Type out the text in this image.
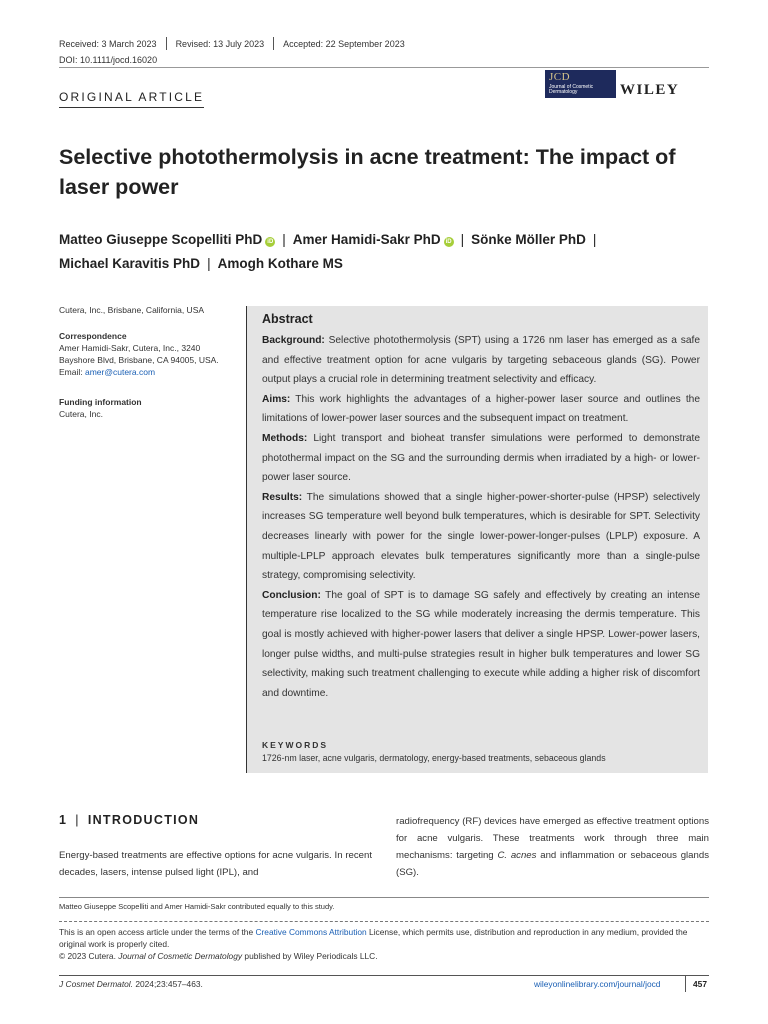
Received: 3 March 2023 Revised: 13 July 2023 Accepted: 22 September 2023
DOI: 10.1111/jocd.16020
ORIGINAL ARTICLE
JCD
Journal of Cosmetic Dermatology	WILEY
Selective photothermolysis in acne treatment: The impact of laser power
Matteo Giuseppe Scopelliti PhD iD | Amer Hamidi-Sakr PhD iD | Sönke Möller PhD |
Michael Karavitis PhD | Amogh Kothare MS
Cutera, Inc., Brisbane, California, USA
Correspondence
Amer Hamidi-Sakr, Cutera, Inc., 3240
Bayshore Blvd, Brisbane, CA 94005, USA.
Email: amer@cutera.com
Funding information
Cutera, Inc.
Abstract
Background: Selective photothermolysis (SPT) using a 1726 nm laser has emerged as a safe and effective treatment option for acne vulgaris by targeting sebaceous glands (SG). Power output plays a crucial role in determining treatment selectivity and efficacy.
Aims: This work highlights the advantages of a higher-power laser source and outlines the limitations of lower-power laser sources and the subsequent impact on treatment.
Methods: Light transport and bioheat transfer simulations were performed to demonstrate photothermal impact on the SG and the surrounding dermis when irradiated by a high- or lower-power laser source.
Results: The simulations showed that a single higher-power-shorter-pulse (HPSP) selectively increases SG temperature well beyond bulk temperatures, which is desirable for SPT. Selectivity decreases linearly with power for the single lower-power-longer-pulses (LPLP) exposure. A multiple-LPLP approach elevates bulk temperatures significantly more than a single-pulse strategy, compromising selectivity.
Conclusion: The goal of SPT is to damage SG safely and effectively by creating an intense temperature rise localized to the SG while moderately increasing the dermis temperature. This goal is mostly achieved with higher-power lasers that deliver a single HPSP. Lower-power lasers, longer pulse widths, and multi-pulse strategies result in higher bulk temperatures and lower SG selectivity, making such treatment challenging to execute while adding a higher risk of discomfort and downtime.
KEYWORDS
1726-nm laser, acne vulgaris, dermatology, energy-based treatments, sebaceous glands
1 | INTRODUCTION
Energy-based treatments are effective options for acne vulgaris. In recent decades, lasers, intense pulsed light (IPL), and
radiofrequency (RF) devices have emerged as effective treatment options for acne vulgaris. These treatments work through three main mechanisms: targeting C. acnes and inflammation or sebaceous glands (SG).
Matteo Giuseppe Scopelliti and Amer Hamidi-Sakr contributed equally to this study.
This is an open access article under the terms of the Creative Commons Attribution License, which permits use, distribution and reproduction in any medium, provided the original work is properly cited.
© 2023 Cutera. Journal of Cosmetic Dermatology published by Wiley Periodicals LLC.
J Cosmet Dermatol. 2024;23:457–463.	wileyonlinelibrary.com/journal/jocd	457
